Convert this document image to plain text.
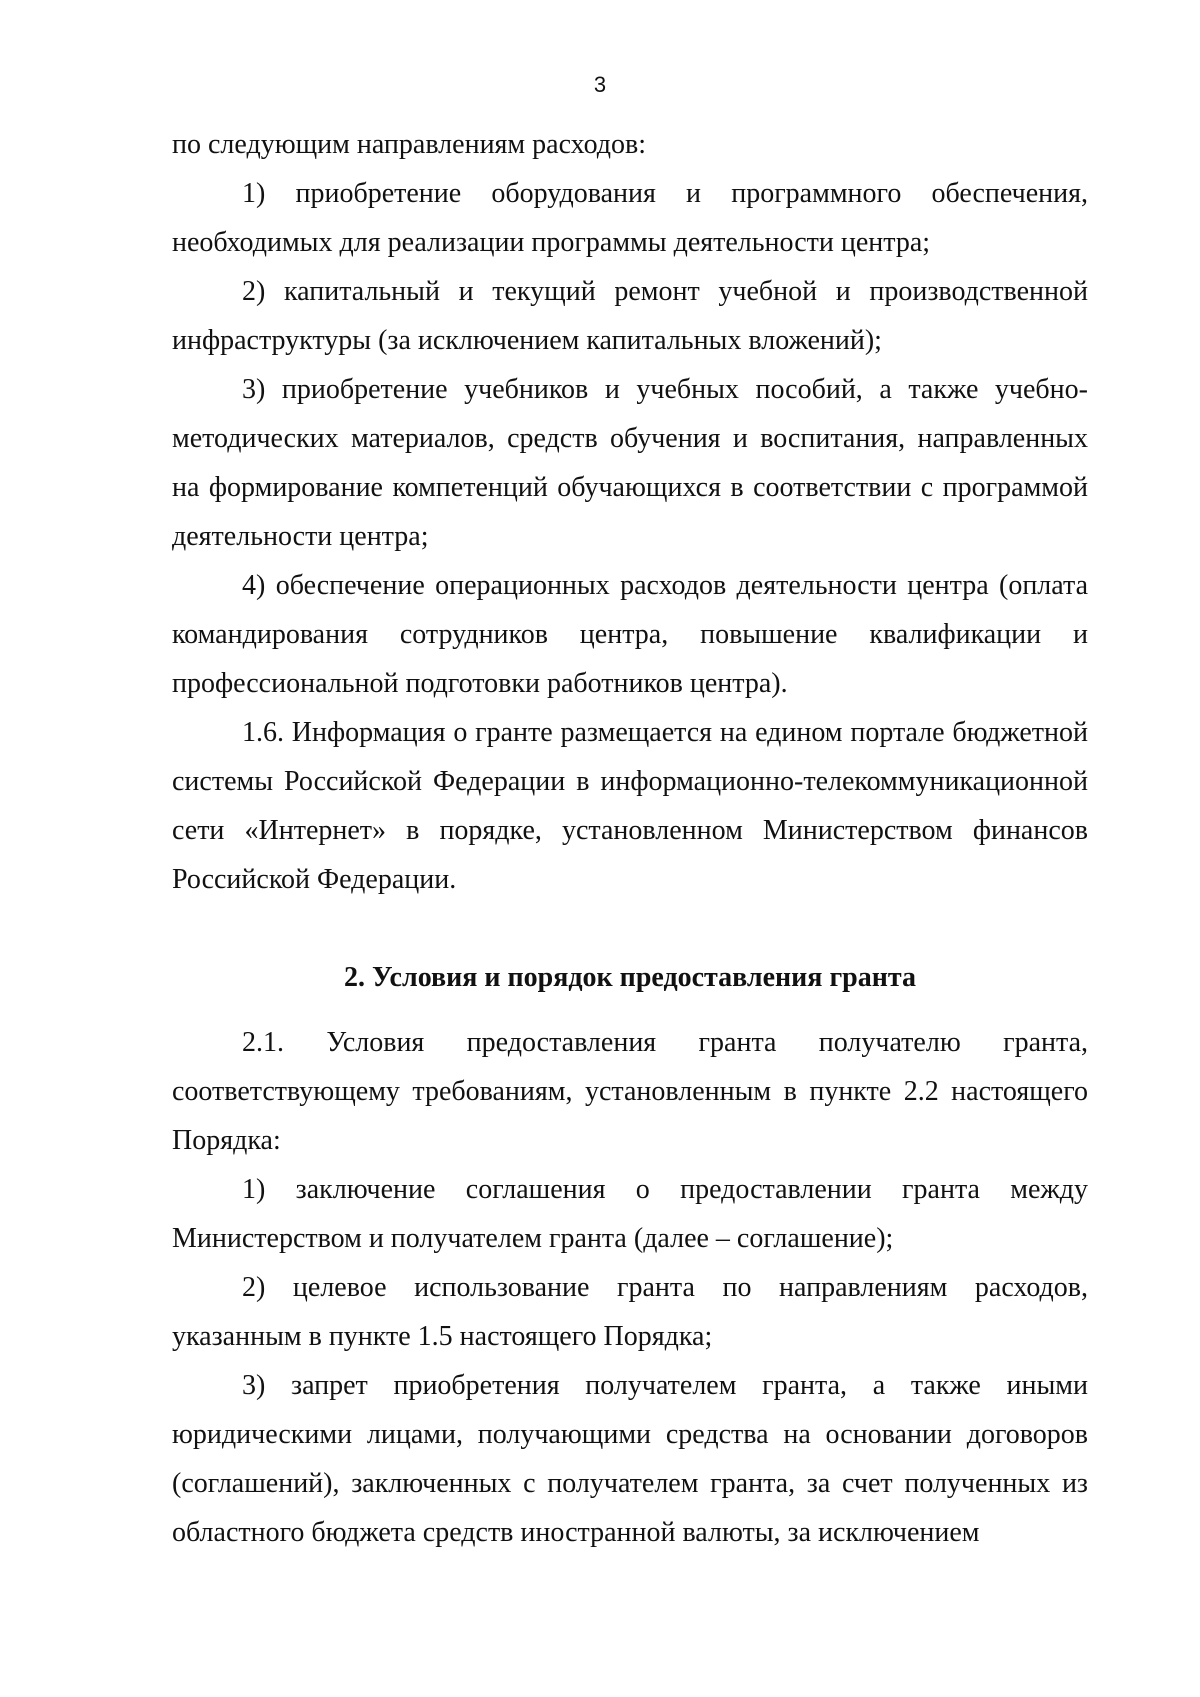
3

по следующим направлениям расходов:

1) приобретение оборудования и программного обеспечения, необходимых для реализации программы деятельности центра;

2) капитальный и текущий ремонт учебной и производственной инфраструктуры (за исключением капитальных вложений);

3) приобретение учебников и учебных пособий, а также учебно-методических материалов, средств обучения и воспитания, направленных на формирование компетенций обучающихся в соответствии с программой деятельности центра;

4) обеспечение операционных расходов деятельности центра (оплата командирования сотрудников центра, повышение квалификации и профессиональной подготовки работников центра).

1.6. Информация о гранте размещается на едином портале бюджетной системы Российской Федерации в информационно-телекоммуникационной сети «Интернет» в порядке, установленном Министерством финансов Российской Федерации.

2. Условия и порядок предоставления гранта

2.1. Условия предоставления гранта получателю гранта, соответствующему требованиям, установленным в пункте 2.2 настоящего Порядка:

1) заключение соглашения о предоставлении гранта между Министерством и получателем гранта (далее – соглашение);

2) целевое использование гранта по направлениям расходов, указанным в пункте 1.5 настоящего Порядка;

3) запрет приобретения получателем гранта, а также иными юридическими лицами, получающими средства на основании договоров (соглашений), заключенных с получателем гранта, за счет полученных из областного бюджета средств иностранной валюты, за исключением
